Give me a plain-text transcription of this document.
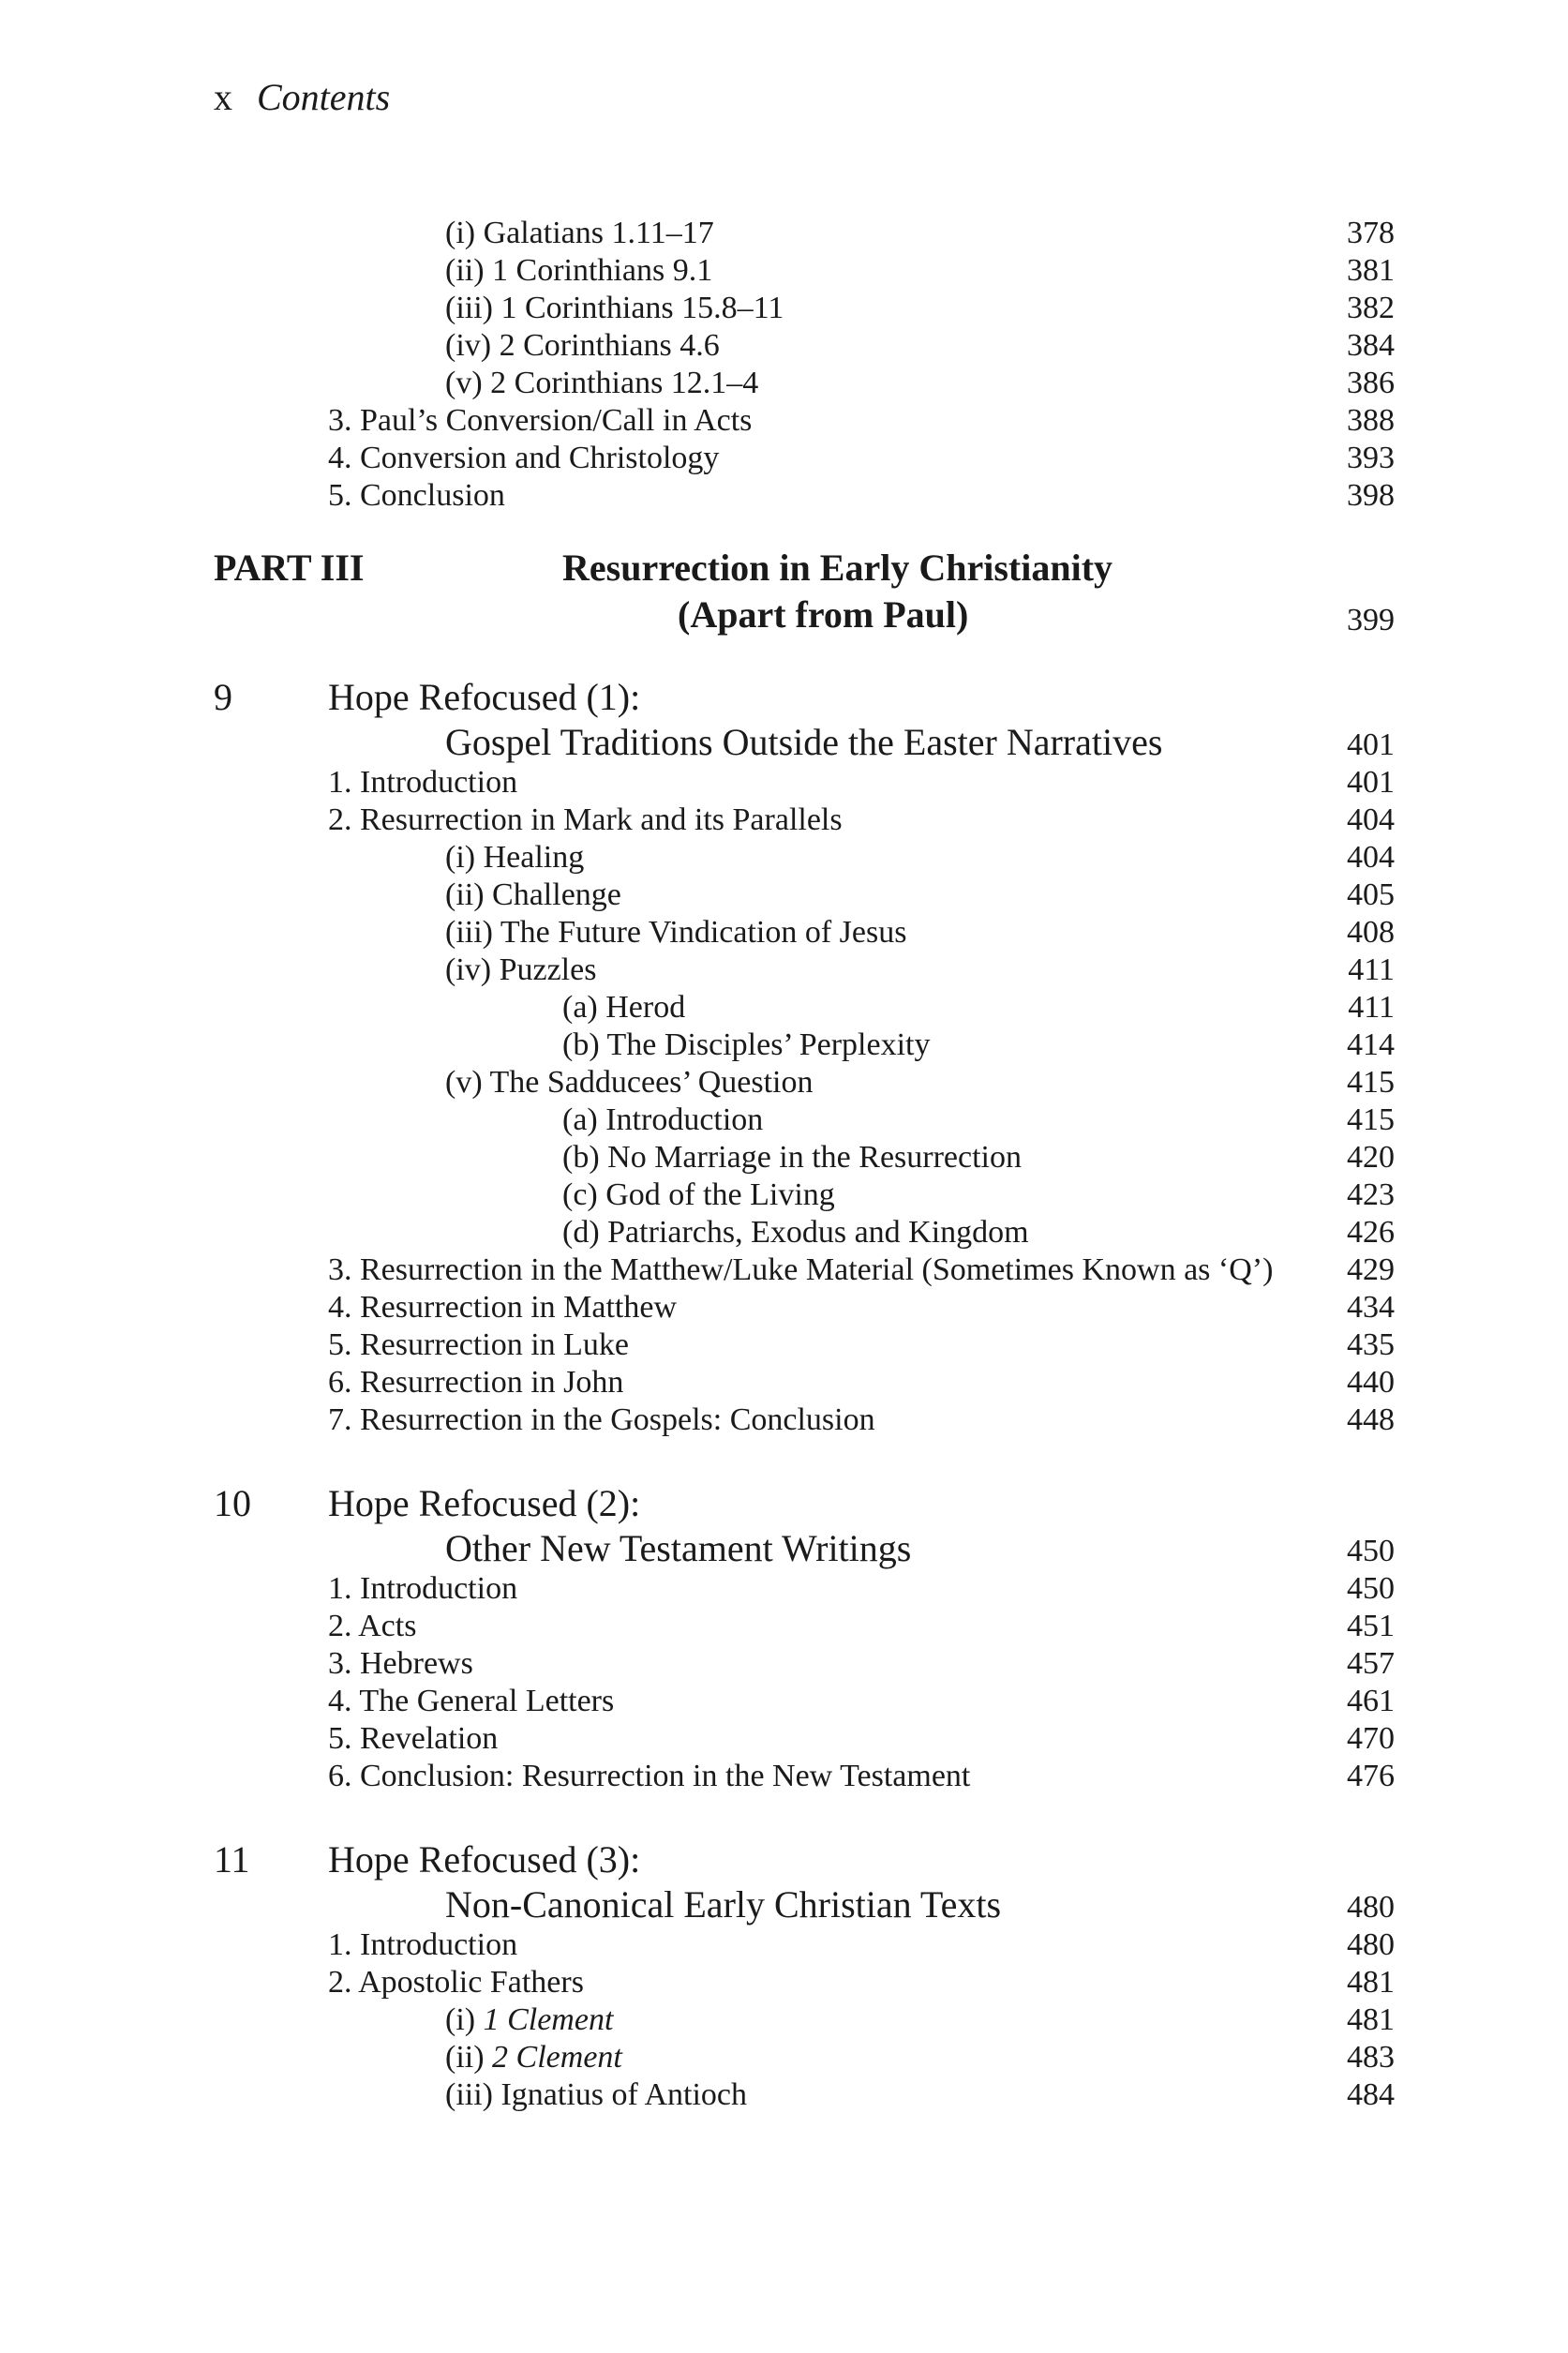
x Contents
(i) Galatians 1.11–17	378
(ii) 1 Corinthians 9.1	381
(iii) 1 Corinthians 15.8–11	382
(iv) 2 Corinthians 4.6	384
(v) 2 Corinthians 12.1–4	386
3. Paul’s Conversion/Call in Acts	388
4. Conversion and Christology	393
5. Conclusion	398
PART III	Resurrection in Early Christianity
(Apart from Paul)	399
9	Hope Refocused (1):
Gospel Traditions Outside the Easter Narratives	401
1. Introduction	401
2. Resurrection in Mark and its Parallels	404
(i) Healing	404
(ii) Challenge	405
(iii) The Future Vindication of Jesus	408
(iv) Puzzles	411
(a) Herod	411
(b) The Disciples’ Perplexity	414
(v) The Sadducees’ Question	415
(a) Introduction	415
(b) No Marriage in the Resurrection	420
(c) God of the Living	423
(d) Patriarchs, Exodus and Kingdom	426
3. Resurrection in the Matthew/Luke Material (Sometimes Known as ‘Q’) 429
4. Resurrection in Matthew	434
5. Resurrection in Luke	435
6. Resurrection in John	440
7. Resurrection in the Gospels: Conclusion	448
10 Hope Refocused (2):
Other New Testament Writings	450
1. Introduction	450
2. Acts	451
3. Hebrews	457
4. The General Letters	461
5. Revelation	470
6. Conclusion: Resurrection in the New Testament	476
11 Hope Refocused (3):
Non-Canonical Early Christian Texts	480
1. Introduction	480
2. Apostolic Fathers	481
(i) 1 Clement	481
(ii) 2 Clement	483
(iii) Ignatius of Antioch	484
